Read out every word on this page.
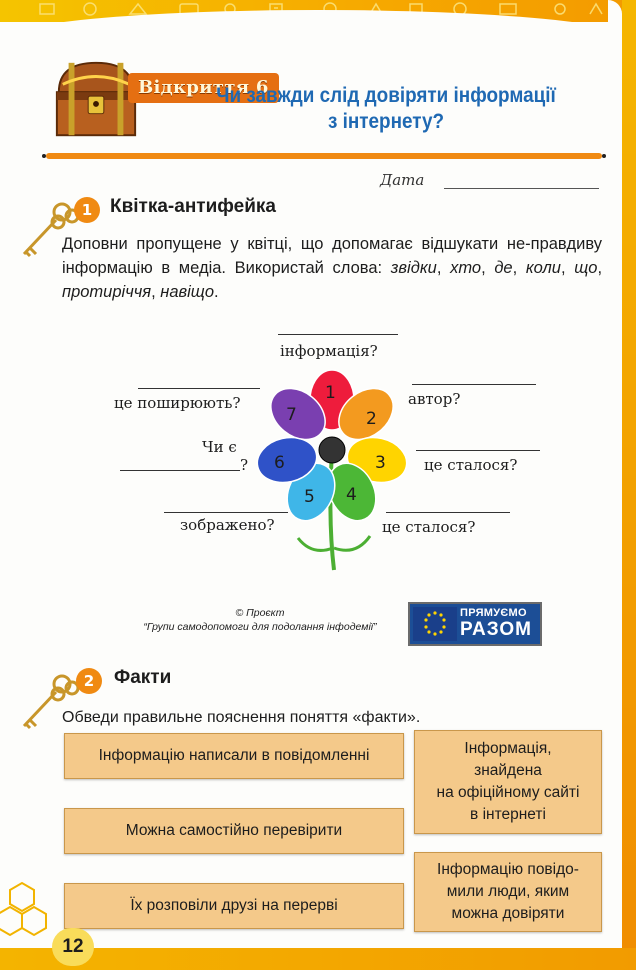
Відкриття 6
Чи завжди слід довіряти інформації
з інтернету?
Дата
1 Квітка-антифейка
Доповни пропущене у квітці, що допомагає відшукати не-правдиву інформацію в медіа. Використай слова: звідки, хто, де, коли, що, протиріччя, навіщо.
1
2
3
4
5
6
7
інформація?
це поширюють?	автор?
Чи є
?	це сталося?
зображено?	це сталося?
© Проєкт
“Групи самодопомоги для подолання інфодемії”
ПРЯМУЄМО
РАЗОМ
2	Факти
Обведи правильне пояснення поняття «факти».
Інформацію написали в повідомленні
Можна самостійно перевірити
Їх розповіли друзі на перерві
Інформація,
знайдена
на офіційному сайті
в інтернеті
Інформацію повідо-
мили люди, яким
можна довіряти
12
